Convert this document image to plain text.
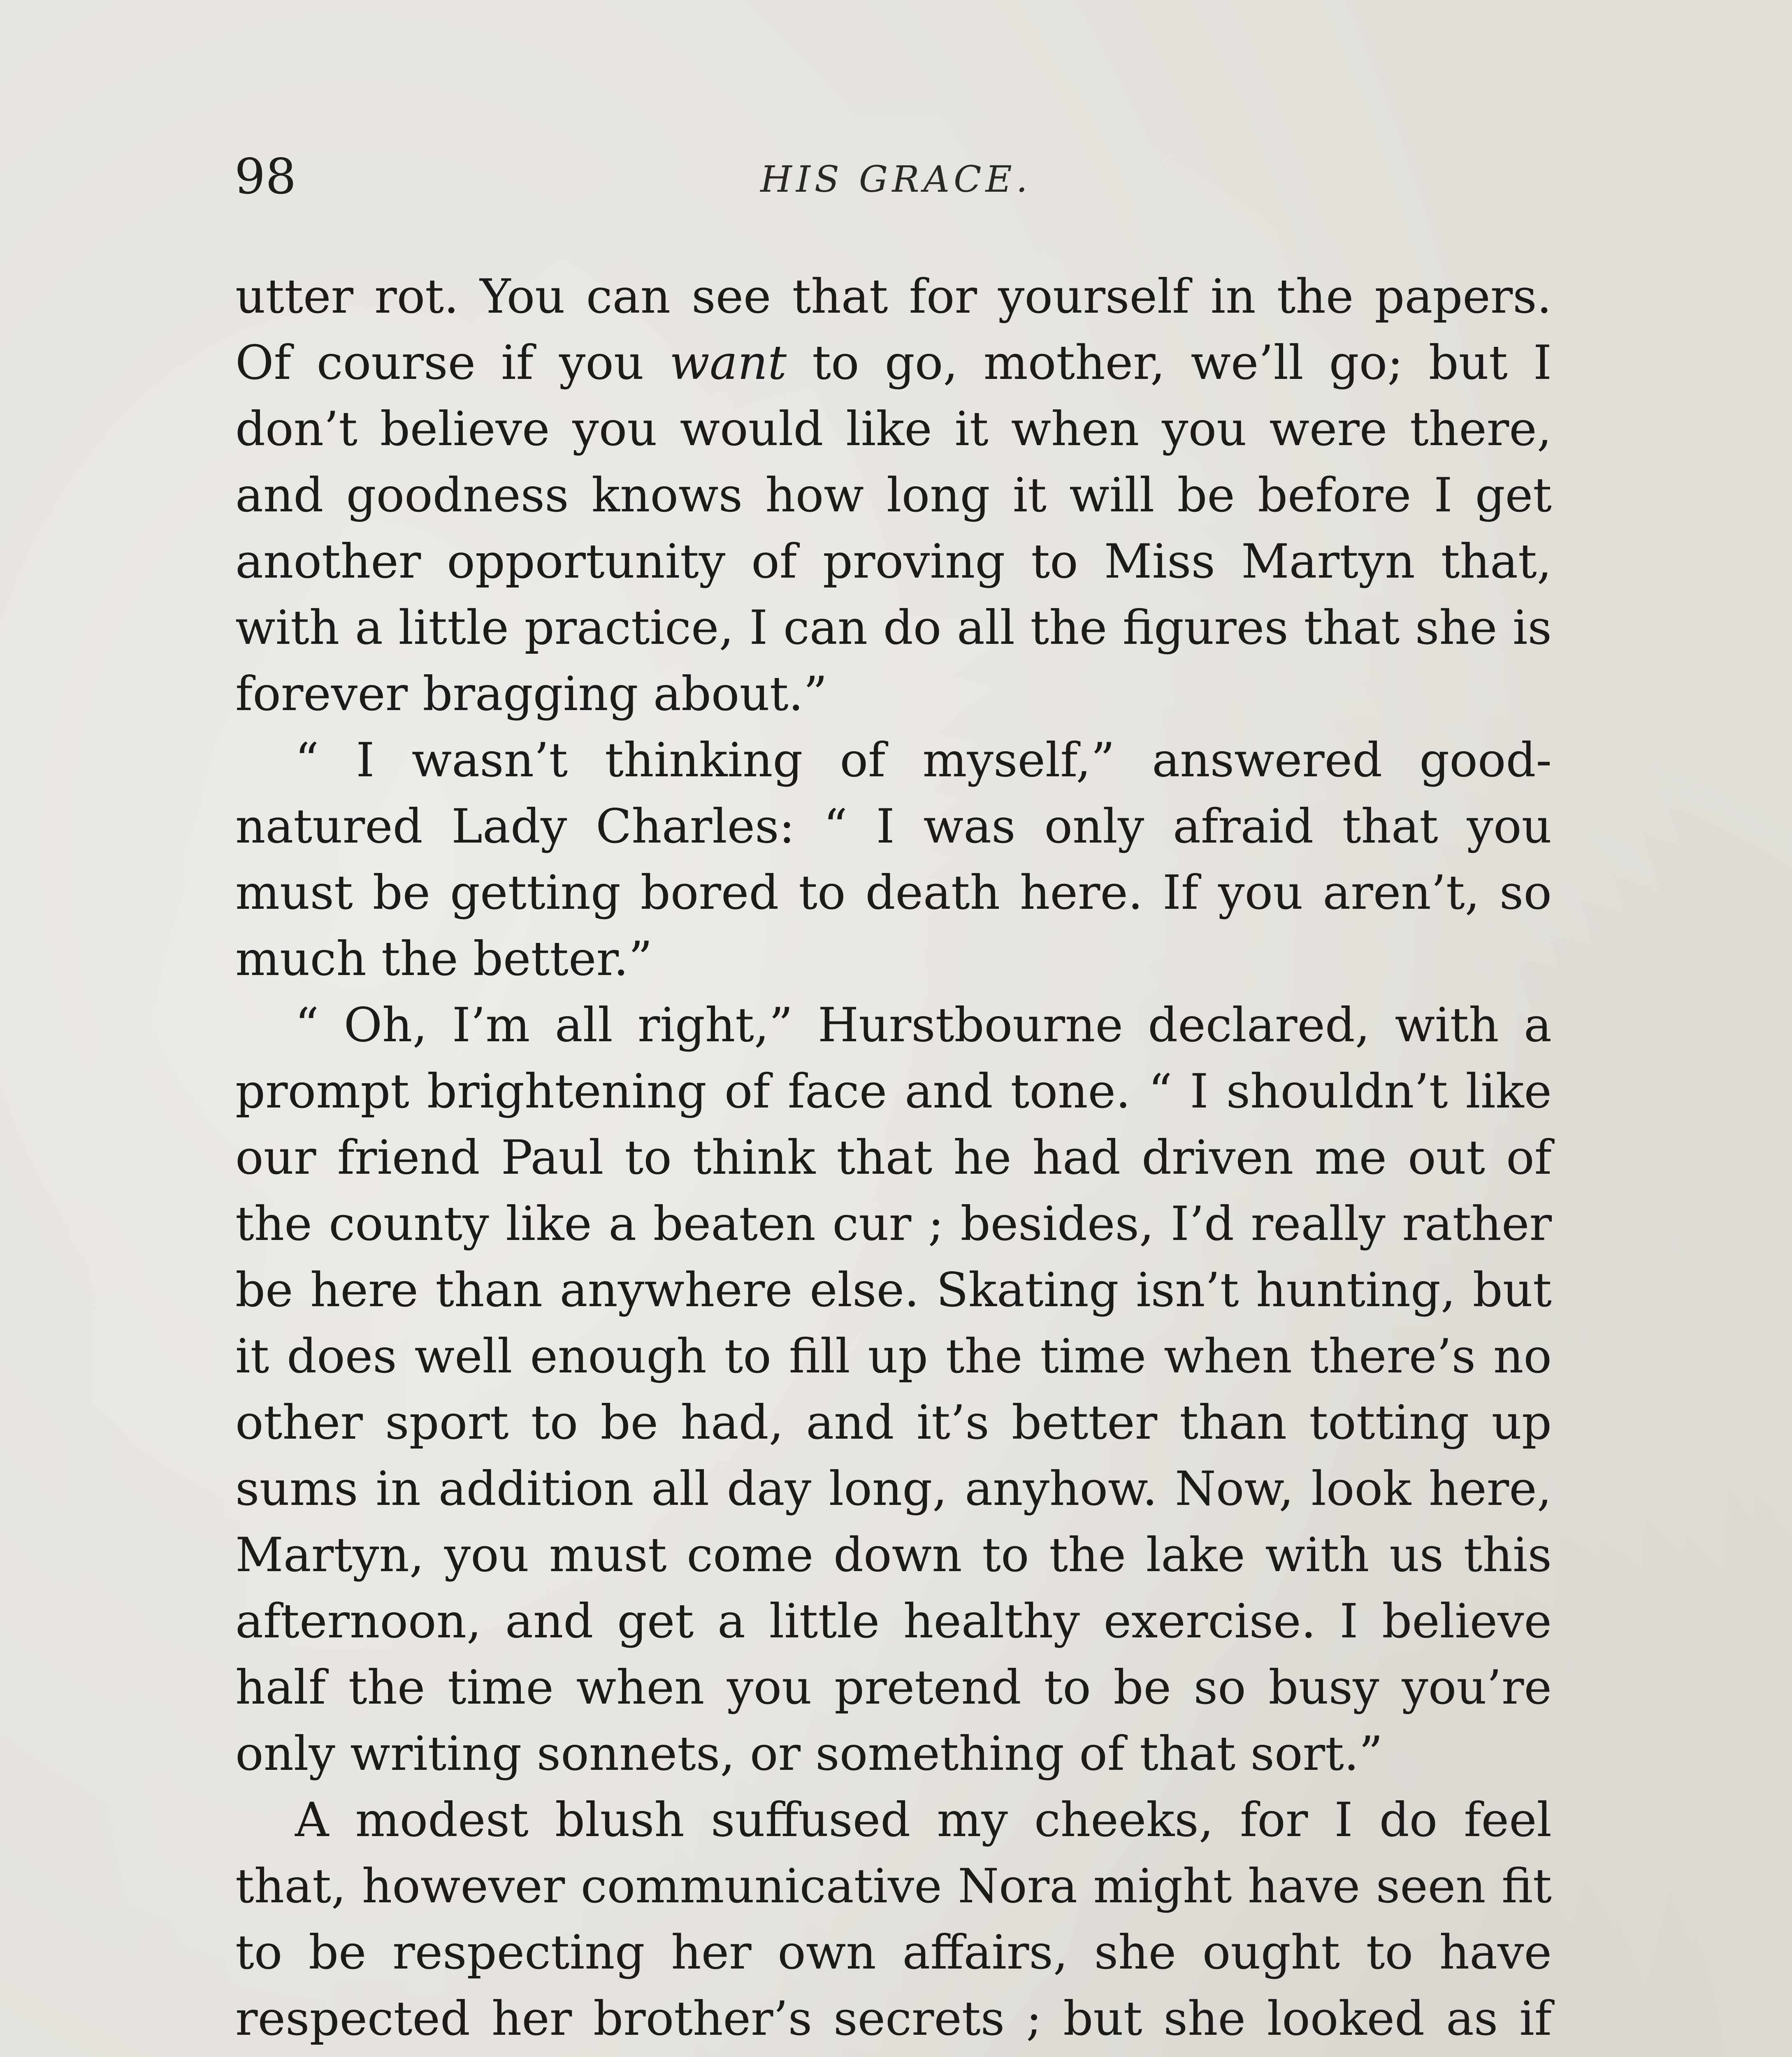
98	HIS GRACE.

utter rot. You can see that for yourself in the papers. Of course if you want to go, mother, we’ll go; but I don’t believe you would like it when you were there, and goodness knows how long it will be before I get another opportunity of proving to Miss Martyn that, with a little practice, I can do all the figures that she is forever bragging about.”

“ I wasn’t thinking of myself,” answered good-natured Lady Charles: “ I was only afraid that you must be getting bored to death here. If you aren’t, so much the better.”

“ Oh, I’m all right,” Hurstbourne declared, with a prompt brightening of face and tone. “ I shouldn’t like our friend Paul to think that he had driven me out of the county like a beaten cur ; besides, I’d really rather be here than anywhere else. Skating isn’t hunting, but it does well enough to fill up the time when there’s no other sport to be had, and it’s better than totting up sums in addition all day long, anyhow. Now, look here, Martyn, you must come down to the lake with us this afternoon, and get a little healthy exercise. I believe half the time when you pretend to be so busy you’re only writing sonnets, or something of that sort.”

A modest blush suffused my cheeks, for I do feel that, however communicative Nora might have seen fit to be respecting her own affairs, she ought to have respected her brother’s secrets ; but she looked as if
